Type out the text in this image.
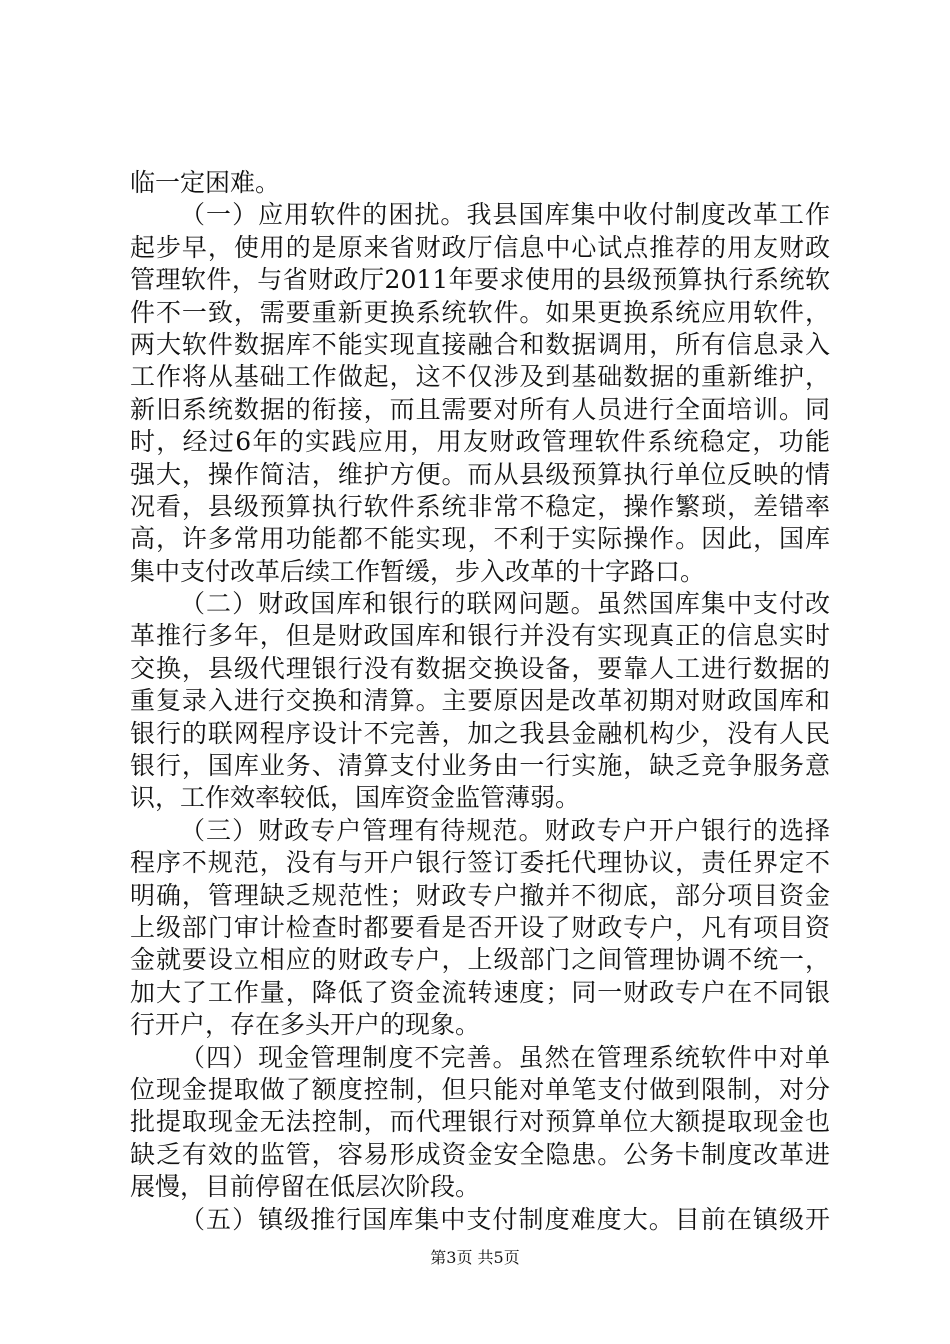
临一定困难。
（一）应用软件的困扰。我县国库集中收付制度改革工作
起步早，使用的是原来省财政厅信息中心试点推荐的用友财政
管理软件，与省财政厅2011年要求使用的县级预算执行系统软
件不一致，需要重新更换系统软件。如果更换系统应用软件，
两大软件数据库不能实现直接融合和数据调用，所有信息录入
工作将从基础工作做起，这不仅涉及到基础数据的重新维护，
新旧系统数据的衔接，而且需要对所有人员进行全面培训。同
时，经过6年的实践应用，用友财政管理软件系统稳定，功能
强大，操作简洁，维护方便。而从县级预算执行单位反映的情
况看，县级预算执行软件系统非常不稳定，操作繁琐，差错率
高，许多常用功能都不能实现，不利于实际操作。因此，国库
集中支付改革后续工作暂缓，步入改革的十字路口。
（二）财政国库和银行的联网问题。虽然国库集中支付改
革推行多年，但是财政国库和银行并没有实现真正的信息实时
交换，县级代理银行没有数据交换设备，要靠人工进行数据的
重复录入进行交换和清算。主要原因是改革初期对财政国库和
银行的联网程序设计不完善，加之我县金融机构少，没有人民
银行，国库业务、清算支付业务由一行实施，缺乏竞争服务意
识，工作效率较低，国库资金监管薄弱。
（三）财政专户管理有待规范。财政专户开户银行的选择
程序不规范，没有与开户银行签订委托代理协议，责任界定不
明确，管理缺乏规范性；财政专户撤并不彻底，部分项目资金
上级部门审计检查时都要看是否开设了财政专户，凡有项目资
金就要设立相应的财政专户，上级部门之间管理协调不统一，
加大了工作量，降低了资金流转速度；同一财政专户在不同银
行开户，存在多头开户的现象。
（四）现金管理制度不完善。虽然在管理系统软件中对单
位现金提取做了额度控制，但只能对单笔支付做到限制，对分
批提取现金无法控制，而代理银行对预算单位大额提取现金也
缺乏有效的监管，容易形成资金安全隐患。公务卡制度改革进
展慢，目前停留在低层次阶段。
（五）镇级推行国库集中支付制度难度大。目前在镇级开
第3页 共5页
